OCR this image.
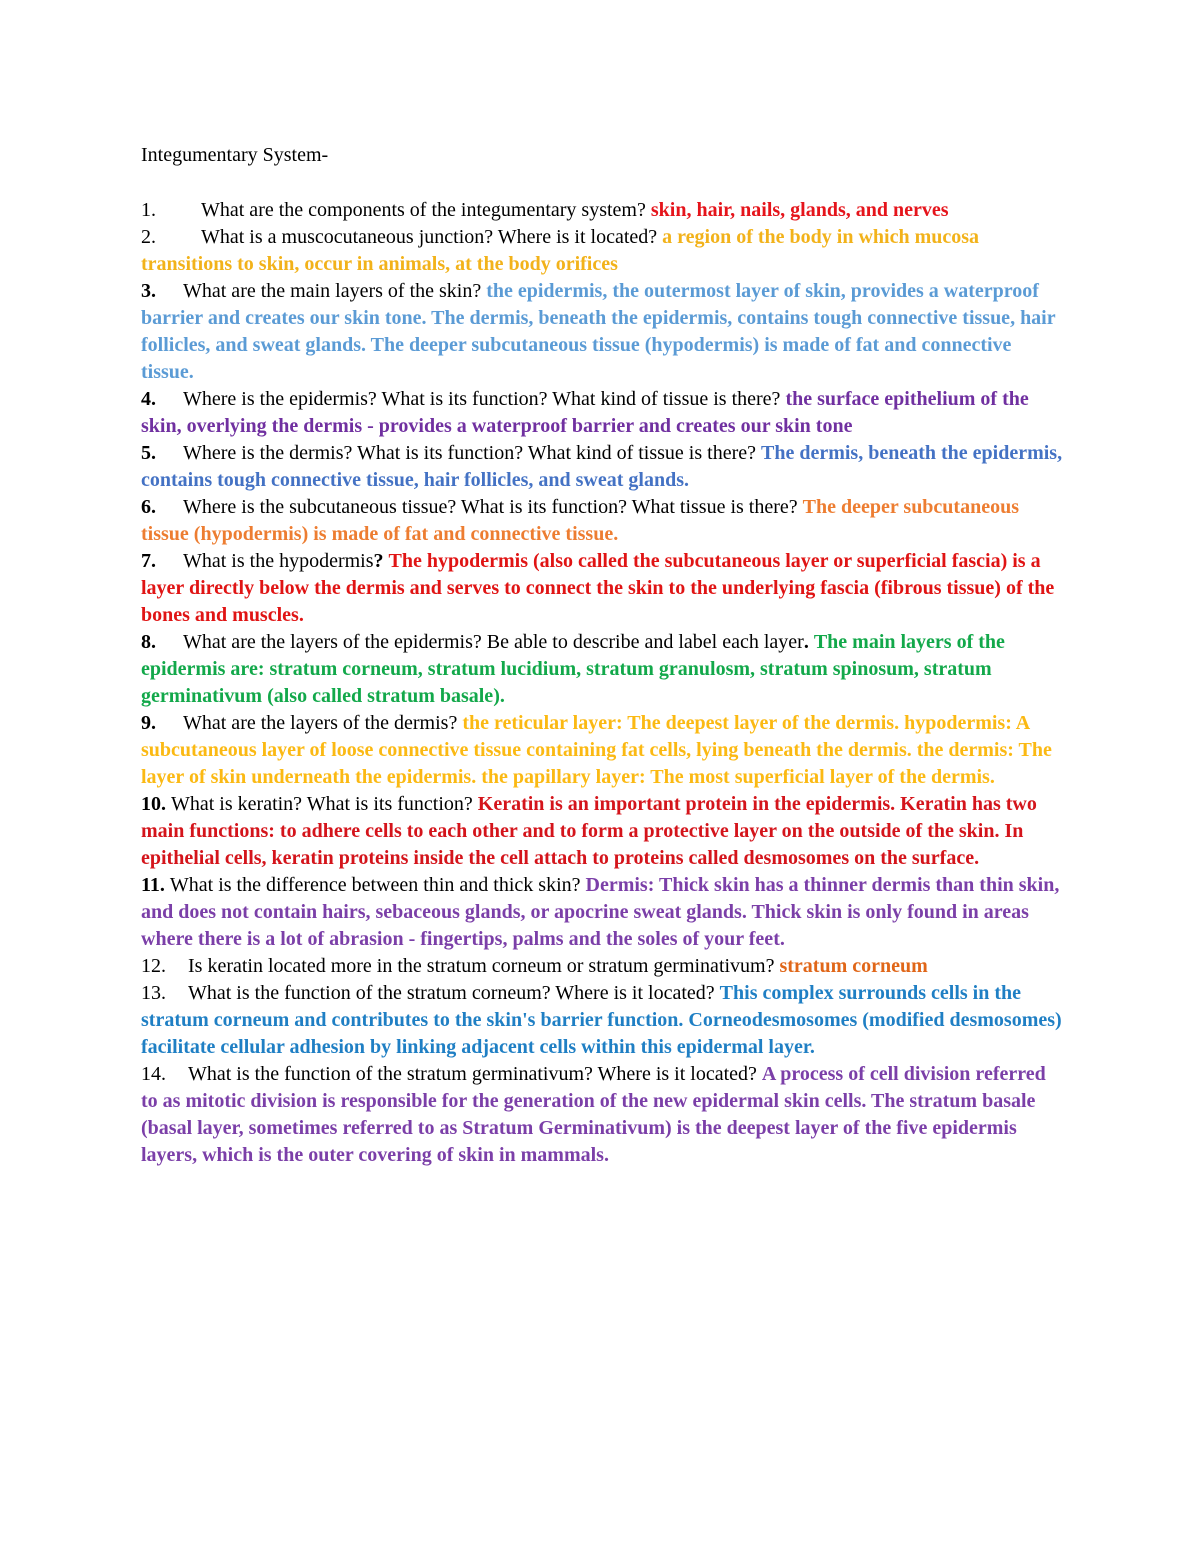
Integumentary System-

1. What are the components of the integumentary system? skin, hair, nails, glands, and nerves

2. What is a muscocutaneous junction? Where is it located? a region of the body in which mucosa transitions to skin, occur in animals, at the body orifices

3. What are the main layers of the skin? the epidermis, the outermost layer of skin, provides a waterproof barrier and creates our skin tone. The dermis, beneath the epidermis, contains tough connective tissue, hair follicles, and sweat glands. The deeper subcutaneous tissue (hypodermis) is made of fat and connective tissue.

4. Where is the epidermis? What is its function? What kind of tissue is there? the surface epithelium of the skin, overlying the dermis - provides a waterproof barrier and creates our skin tone

5. Where is the dermis? What is its function? What kind of tissue is there? The dermis, beneath the epidermis, contains tough connective tissue, hair follicles, and sweat glands.

6. Where is the subcutaneous tissue? What is its function? What tissue is there? The deeper subcutaneous tissue (hypodermis) is made of fat and connective tissue.

7. What is the hypodermis? The hypodermis (also called the subcutaneous layer or superficial fascia) is a layer directly below the dermis and serves to connect the skin to the underlying fascia (fibrous tissue) of the bones and muscles.

8. What are the layers of the epidermis? Be able to describe and label each layer. The main layers of the epidermis are: stratum corneum, stratum lucidium, stratum granulosm, stratum spinosum, stratum germinativum (also called stratum basale).

9. What are the layers of the dermis? the reticular layer: The deepest layer of the dermis. hypodermis: A subcutaneous layer of loose connective tissue containing fat cells, lying beneath the dermis. the dermis: The layer of skin underneath the epidermis. the papillary layer: The most superficial layer of the dermis.

10. What is keratin? What is its function? Keratin is an important protein in the epidermis. Keratin has two main functions: to adhere cells to each other and to form a protective layer on the outside of the skin. In epithelial cells, keratin proteins inside the cell attach to proteins called desmosomes on the surface.

11. What is the difference between thin and thick skin? Dermis: Thick skin has a thinner dermis than thin skin, and does not contain hairs, sebaceous glands, or apocrine sweat glands. Thick skin is only found in areas where there is a lot of abrasion - fingertips, palms and the soles of your feet.

12. Is keratin located more in the stratum corneum or stratum germinativum? stratum corneum

13. What is the function of the stratum corneum? Where is it located? This complex surrounds cells in the stratum corneum and contributes to the skin's barrier function. Corneodesmosomes (modified desmosomes) facilitate cellular adhesion by linking adjacent cells within this epidermal layer.

14. What is the function of the stratum germinativum? Where is it located? A process of cell division referred to as mitotic division is responsible for the generation of the new epidermal skin cells. The stratum basale (basal layer, sometimes referred to as Stratum Germinativum) is the deepest layer of the five epidermis layers, which is the outer covering of skin in mammals.
